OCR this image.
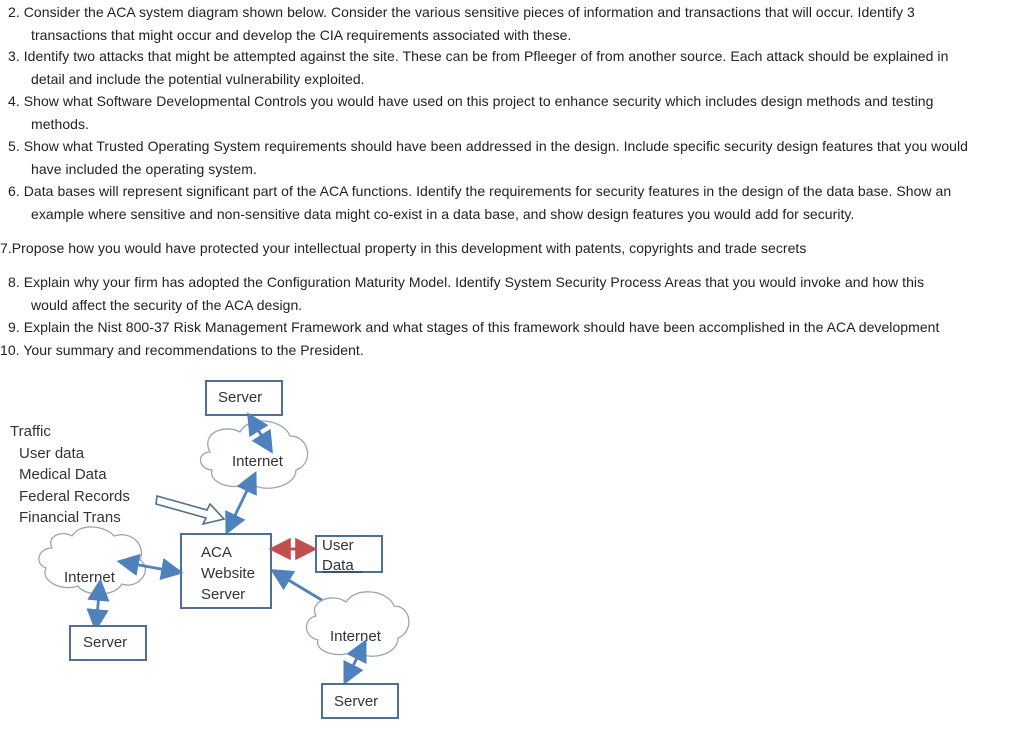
2. Consider the ACA system diagram shown below. Consider the various sensitive pieces of information and transactions that will occur. Identify 3
transactions that might occur and develop the CIA requirements associated with these.
3. Identify two attacks that might be attempted against the site. These can be from Pfleeger of from another source. Each attack should be explained in
detail and include the potential vulnerability exploited.
4. Show what Software Developmental Controls you would have used on this project to enhance security which includes design methods and testing
methods.
5. Show what Trusted Operating System requirements should have been addressed in the design. Include specific security design features that you would
have included the operating system.
6. Data bases will represent significant part of the ACA functions. Identify the requirements for security features in the design of the data base. Show an
example where sensitive and non-sensitive data might co-exist in a data base, and show design features you would add for security.
7.Propose how you would have protected your intellectual property in this development with patents, copyrights and trade secrets
8. Explain why your firm has adopted the Configuration Maturity Model. Identify System Security Process Areas that you would invoke and how this
would affect the security of the ACA design.
9. Explain the Nist 800-37 Risk Management Framework and what stages of this framework should have been accomplished in the ACA development
10. Your summary and recommendations to the President.
Traffic
User data
Medical Data
Federal Records
Financial Trans
Server
Internet
ACA
Website
Server
User
Data
Internet
Server	Internet
Server
